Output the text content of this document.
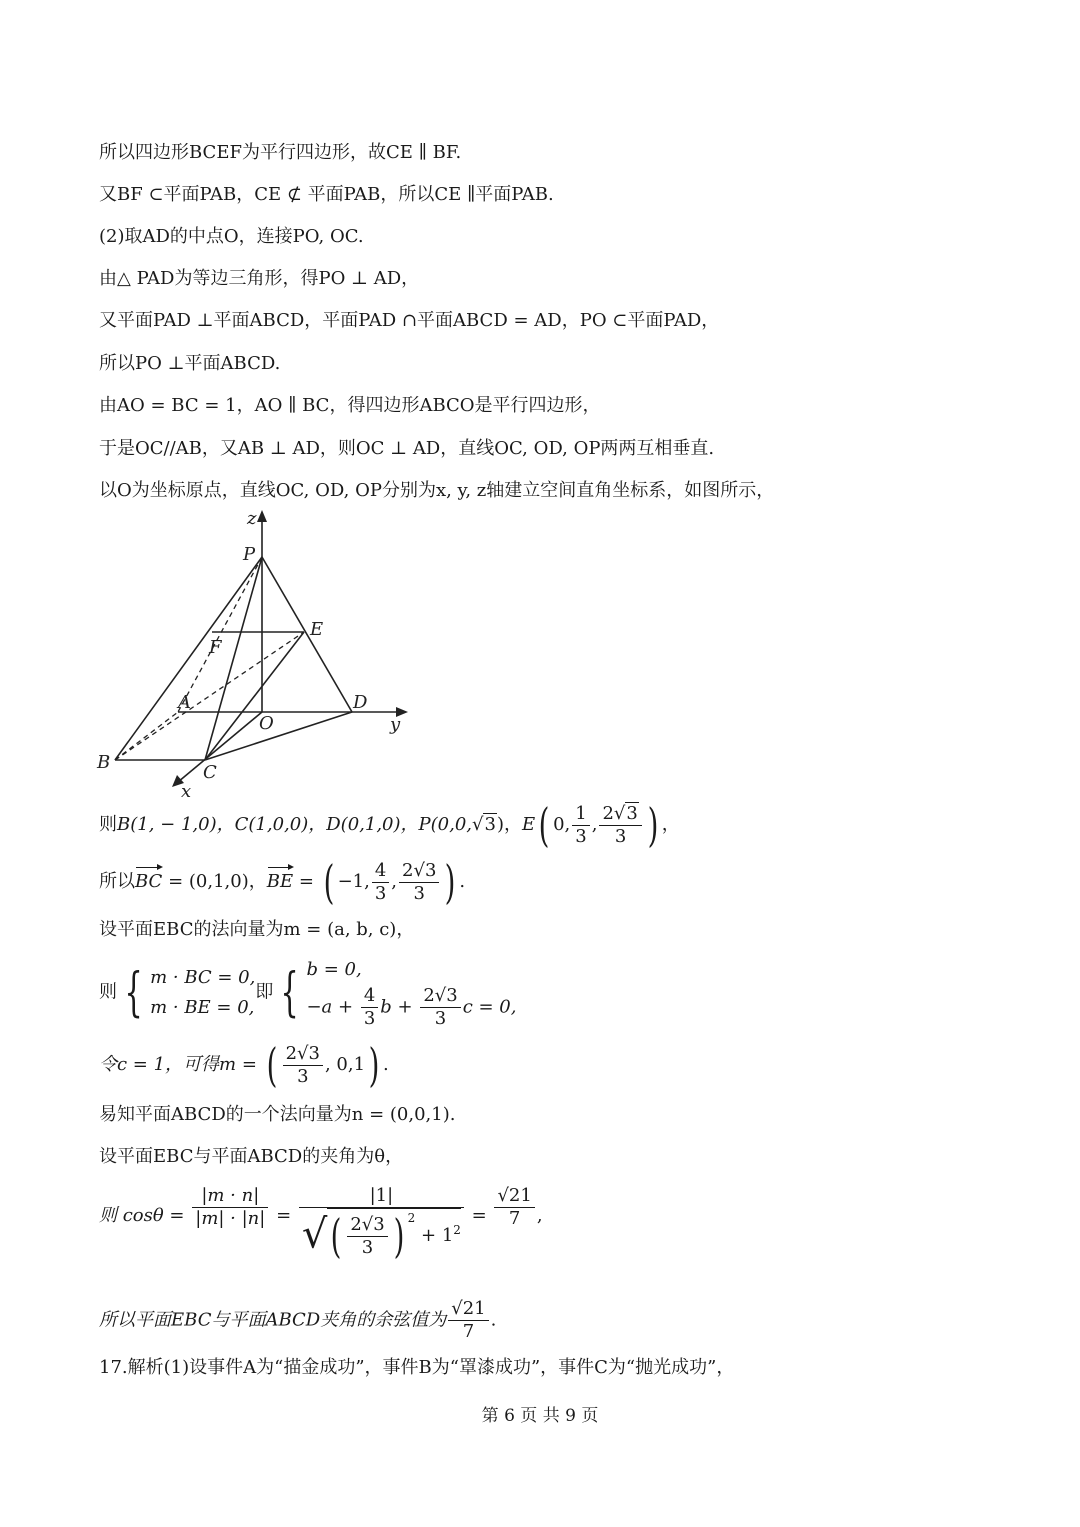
所以四边形BCEF为平行四边形，故CE ∥ BF.
又BF ⊂平面PAB，CE ⊄ 平面PAB，所以CE ∥平面PAB.
(2)取AD的中点O，连接PO, OC.
由△ PAD为等边三角形，得PO ⊥ AD，
又平面PAD ⊥平面ABCD，平面PAD ∩平面ABCD = AD，PO ⊂平面PAD，
所以PO ⊥平面ABCD.
由AO = BC = 1，AO ∥ BC，得四边形ABCO是平行四边形，
于是OC//AB，又AB ⊥ AD，则OC ⊥ AD，直线OC, OD, OP两两互相垂直.
以O为坐标原点，直线OC, OD, OP分别为x, y, z轴建立空间直角坐标系，如图所示，
z
y
x
P
E
F
A
O
D
B	C
则B(1, − 1,0)，C(1,0,0)，D(0,1,0)，P(0,0,√3)，E( 0, $\frac{1}{3}$ , $\frac{2√3}{3}$ ) ，
所以BC = (0,1,0)，BE = ( −1, $\frac{4}{3}$ , $\frac{2√3}{3}$ ) .
设平面EBC的法向量为m = (a, b, c)，
则 { m · BC = 0,
m · BE = 0,
即 { b = 0,
$-a + \frac{4}{3}$ $b + \frac{2√3}{3}$ c = 0,
令c = 1，可得m = ( $\frac{2√3}{3}$ , 0,1) .
易知平面ABCD的一个法向量为n = (0,0,1).
设平面EBC与平面ABCD的夹角为θ，
则 $\cos\theta = \frac{|m \cdot n|}{|m| \cdot |n|} = \frac{|1|}{√( \frac{2√3}{3} ) ^2 + 1^2} = \frac{√21}{7}$ ,
所以平面EBC与平面ABCD夹角的余弦值为 $\frac{√21}{7}$ .
17.解析(1)设事件A为“描金成功”，事件B为“罩漆成功”，事件C为“抛光成功”，
第 6 页 共 9 页
